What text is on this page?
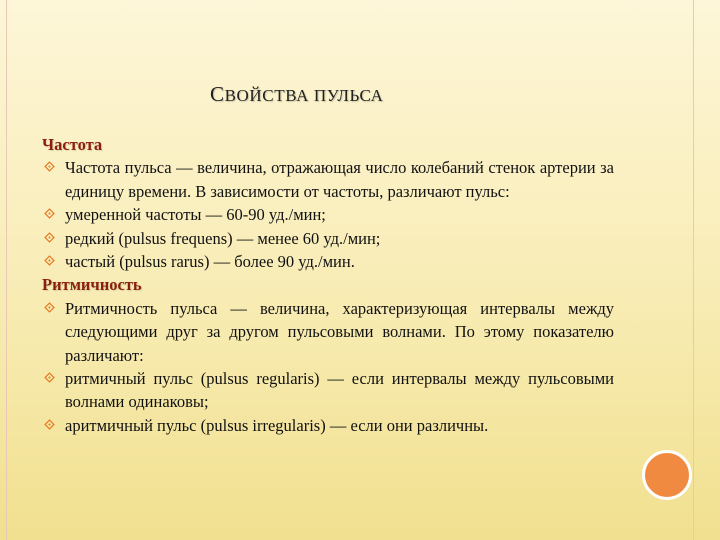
СВОЙСТВА ПУЛЬСА
Частота
Частота пульса — величина, отражающая число колебаний стенок артерии за единицу времени. В зависимости от частоты, различают пульс:
умеренной частоты — 60-90 уд./мин;
редкий (pulsus frequens) — менее 60 уд./мин;
частый (pulsus rarus) — более 90 уд./мин.
Ритмичность
Ритмичность пульса — величина, характеризующая интервалы между следующими друг за другом пульсовыми волнами. По этому показателю различают:
ритмичный пульс (pulsus regularis) — если интервалы между пульсовыми волнами одинаковы;
аритмичный пульс (pulsus irregularis) — если они различны.
